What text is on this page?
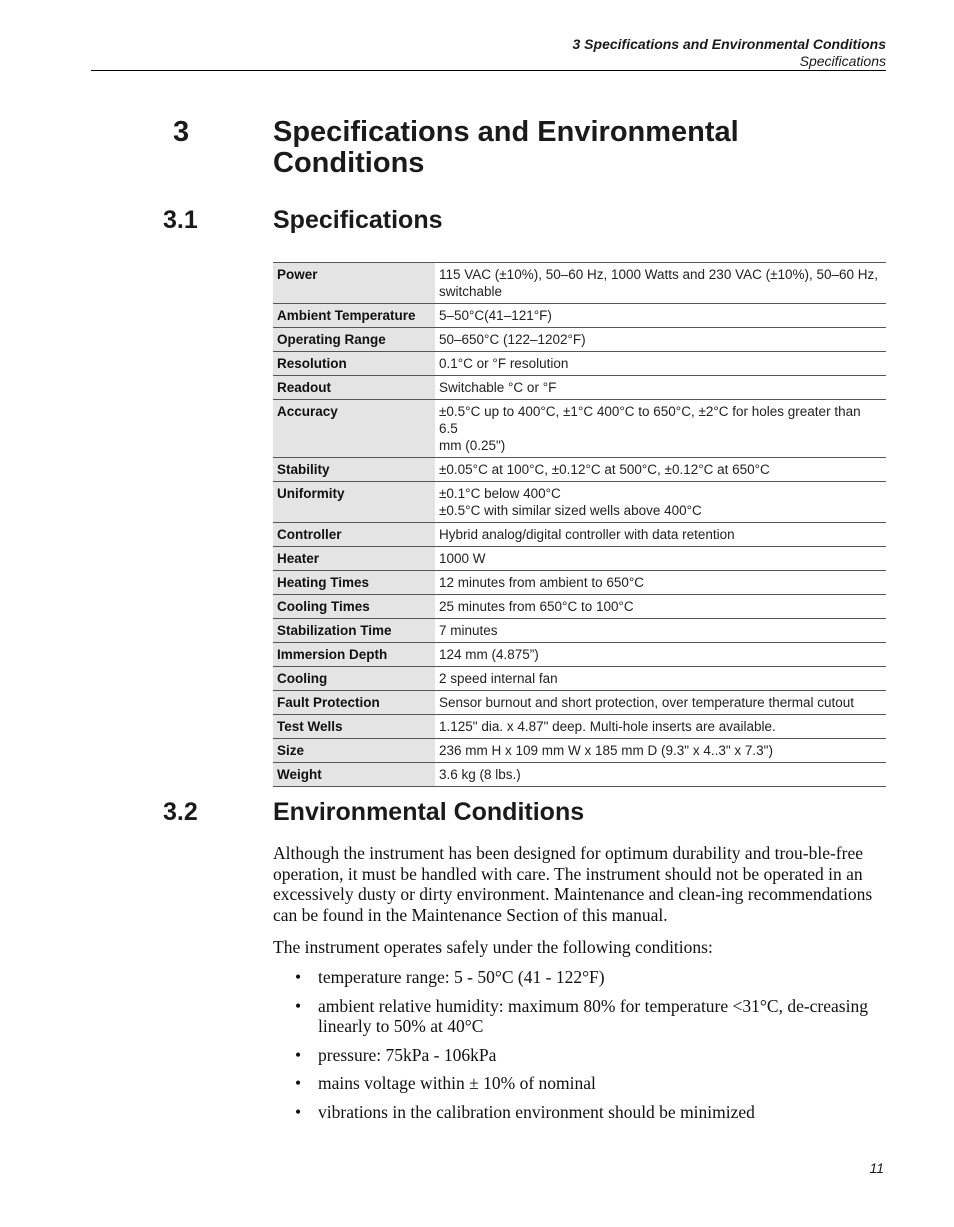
3 Specifications and Environmental Conditions
Specifications
3	Specifications and Environmental
Conditions
3.1	Specifications
Power	115 VAC (±10%), 50–60 Hz, 1000 Watts and 230 VAC (±10%), 50–60 Hz,
switchable
Ambient Temperature	5–50°C(41–121°F)
Operating Range	50–650°C (122–1202°F)
Resolution	0.1°C or °F resolution
Readout	Switchable °C or °F
Accuracy	±0.5°C up to 400°C, ±1°C 400°C to 650°C, ±2°C for holes greater than 6.5
mm (0.25")
Stability	±0.05°C at 100°C, ±0.12°C at 500°C, ±0.12°C at 650°C
Uniformity	±0.1°C below 400°C
±0.5°C with similar sized wells above 400°C
Controller	Hybrid analog/digital controller with data retention
Heater	1000 W
Heating Times	12 minutes from ambient to 650°C
Cooling Times	25 minutes from 650°C to 100°C
Stabilization Time	7 minutes
Immersion Depth	124 mm (4.875”)
Cooling	2 speed internal fan
Fault Protection	Sensor burnout and short protection, over temperature thermal cutout
Test Wells	1.125" dia. x 4.87" deep. Multi-hole inserts are available.
Size	236 mm H x 109 mm W x 185 mm D (9.3" x 4..3" x 7.3")
Weight	3.6 kg (8 lbs.)
3.2	Environmental Conditions

Although the instrument has been designed for optimum durability and trou-ble-free operation, it must be handled with care. The instrument should not be operated in an excessively dusty or dirty environment. Maintenance and clean-ing recommendations can be found in the Maintenance Section of this manual.

The instrument operates safely under the following conditions:

• temperature range: 5 - 50°C (41 - 122°F)
• ambient relative humidity: maximum 80% for temperature <31°C, de-creasing linearly to 50% at 40°C
• pressure: 75kPa - 106kPa
• mains voltage within ± 10% of nominal
• vibrations in the calibration environment should be minimized
11
